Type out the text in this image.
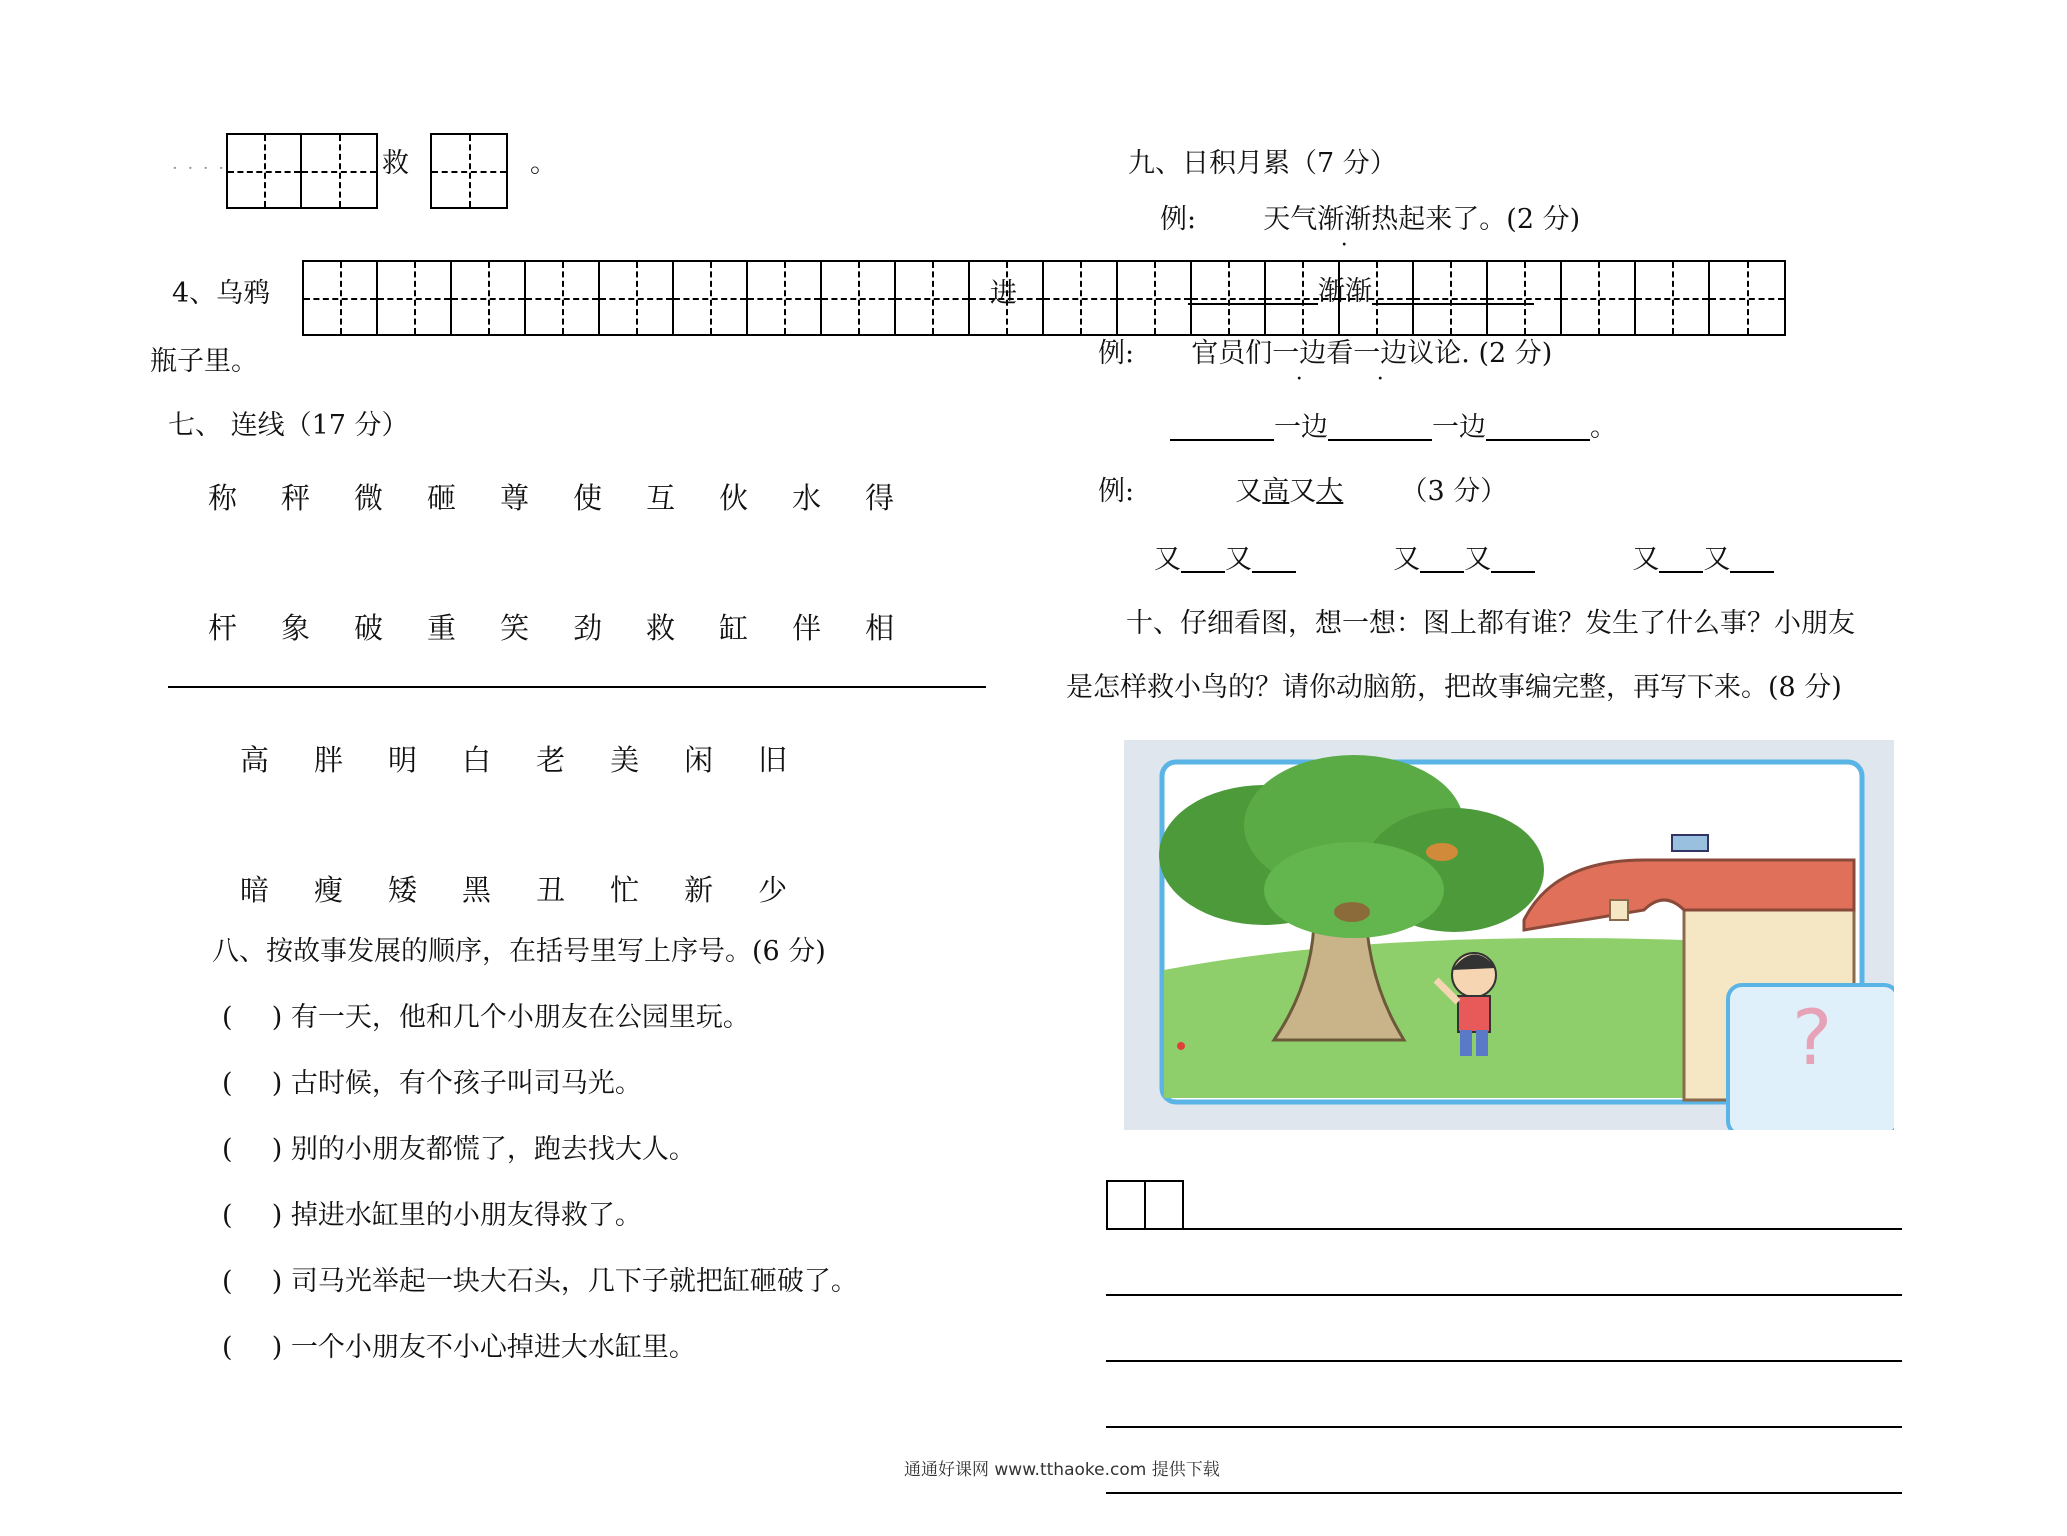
· · · ·	救	。
4、乌鸦	进
瓶子里。
七、 连线（17 分）
称 秤 微 砸 尊 使 互 伙 水 得
杆 象 破 重 笑 劲 救 缸 伴 相
高 胖 明 白 老 美 闲 旧
暗 瘦 矮 黑 丑 忙 新 少
八、按故事发展的顺序，在括号里写上序号。(6 分)
( ) 有一天，他和几个小朋友在公园里玩。
( ) 古时候，有个孩子叫司马光。
( ) 别的小朋友都慌了，跑去找大人。
( ) 掉进水缸里的小朋友得救了。
( ) 司马光举起一块大石头，几下子就把缸砸破了。
( ) 一个小朋友不小心掉进大水缸里。
九、日积月累（7 分）
例: 天气渐渐热起来了。(2 分)
渐渐
例: 官员们一边看一边议论. (2 分)
一边	一边	。
例:	又高又大 （3 分）
又 又	又 又	又 又
十、仔细看图，想一想：图上都有谁？发生了什么事？小朋友
是怎样救小鸟的？请你动脑筋，把故事编完整，再写下来。(8 分)
?
通通好课网 www.tthaoke.com 提供下载
